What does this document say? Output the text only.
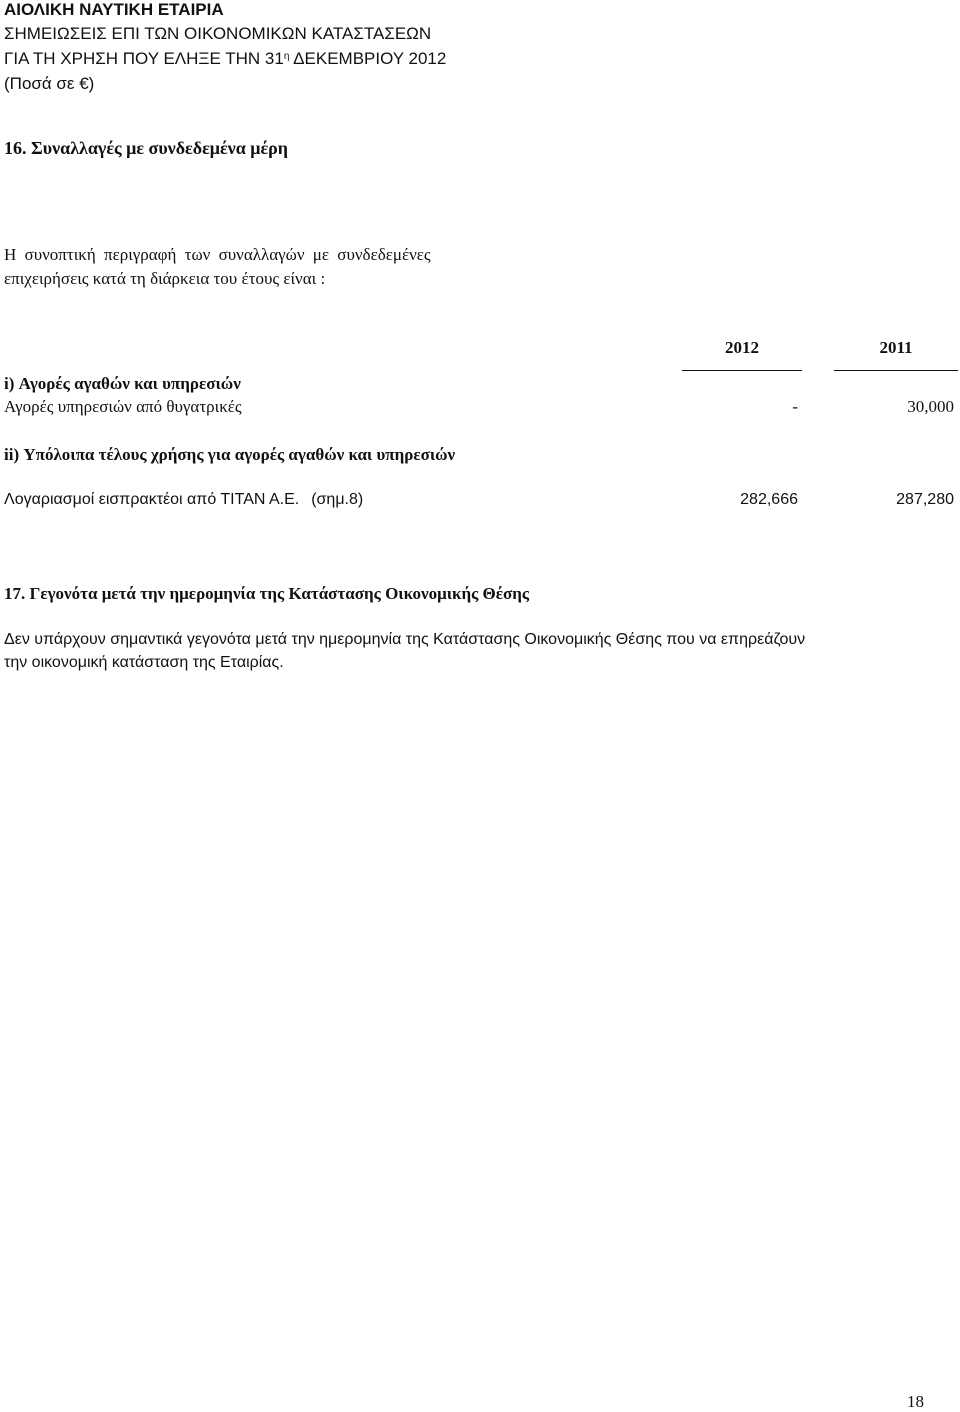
ΑΙΟΛΙΚΗ ΝΑΥΤΙΚΗ ΕΤΑΙΡΙΑ
ΣΗΜΕΙΩΣΕΙΣ ΕΠΙ ΤΩΝ ΟΙΚΟΝΟΜΙΚΩΝ ΚΑΤΑΣΤΑΣΕΩΝ
ΓΙΑ ΤΗ ΧΡΗΣΗ ΠΟΥ ΕΛΗΞΕ ΤΗΝ $31^\eta$ ΔΕΚΕΜΒΡΙΟΥ 2012
(Ποσά σε €)
16. Συναλλαγές με συνδεδεμένα μέρη
Η συνοπτική περιγραφή των συναλλαγών με συνδεδεμένες
επιχειρήσεις κατά τη διάρκεια του έτους είναι :
2012	2011
i) Αγορές αγαθών και υπηρεσιών
Αγορές υπηρεσιών από θυγατρικές	-	30,000
ii) Υπόλοιπα τέλους χρήσης για αγορές αγαθών και υπηρεσιών
Λογαριασμοί εισπρακτέοι από ΤΙΤΑΝ Α.Ε. (σημ.8)	282,666	287,280
17. Γεγονότα μετά την ημερομηνία της Κατάστασης Οικονομικής Θέσης
Δεν υπάρχουν σημαντικά γεγονότα μετά την ημερομηνία της Κατάστασης Οικονομικής Θέσης που να επηρεάζουν
την οικονομική κατάσταση της Εταιρίας.
18
